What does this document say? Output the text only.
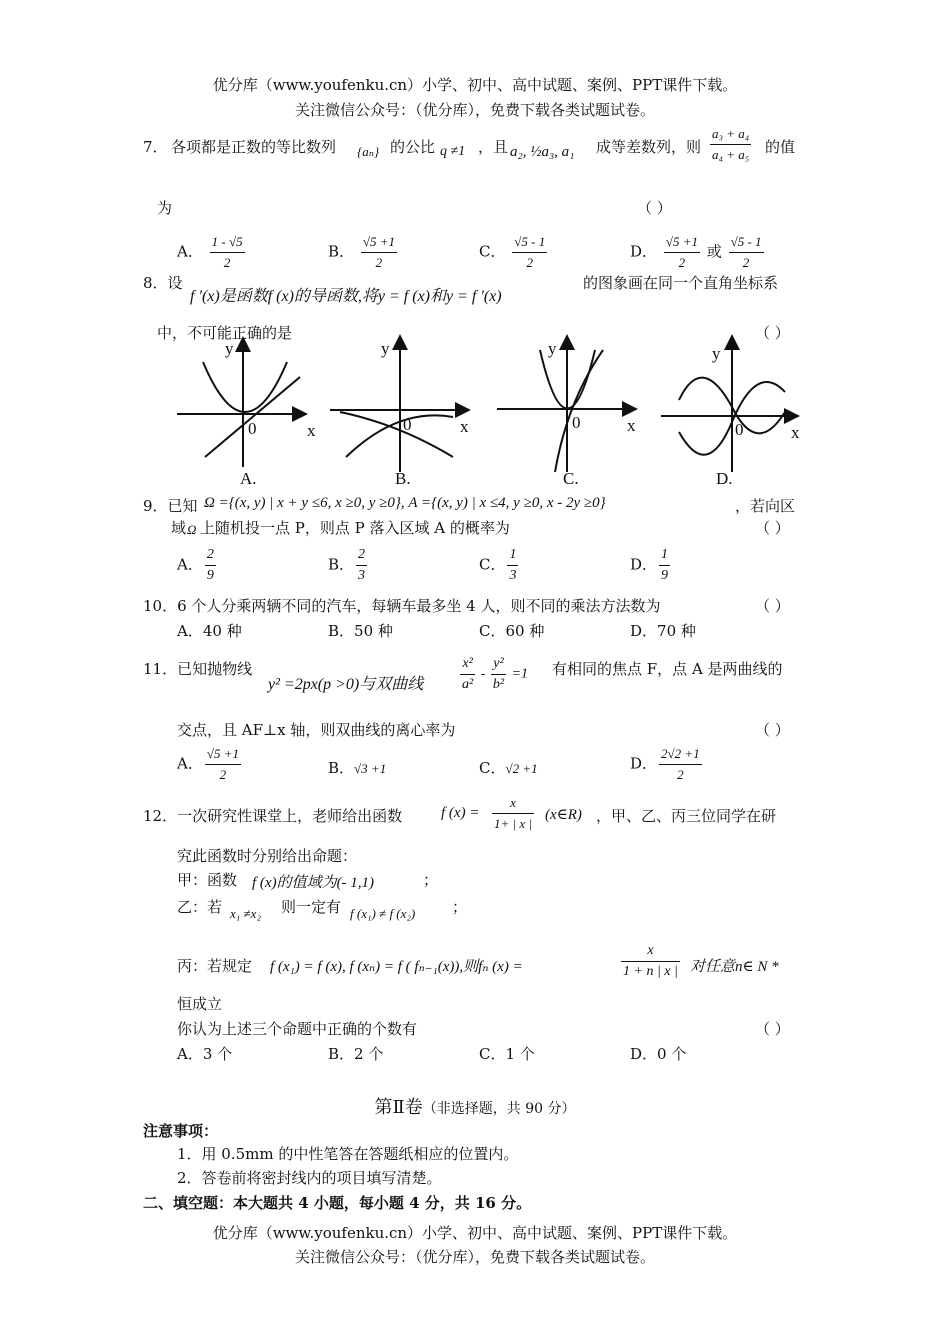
优分库（www.youfenku.cn）小学、初中、高中试题、案例、PPT课件下载。
关注微信公众号：（优分库），免费下载各类试题试卷。
7． 各项都是正数的等比数列 {aₙ} 的公比 q ≠1 ，且 a₂, ½a₃, a₁ 成等差数列，则 $\frac{\text{a₃ + a₄}}{\text{a₄ + a₅}}$ 的值
为	（ ）
A． $\frac{1 - √5}{2}$	B． $\frac{√5 +1}{2}$	C． $\frac{√5 - 1}{2}$	D． $\frac{√5 +1}{2}$ 或 $\frac{√5 - 1}{2}$
8．设
f ′(x)是函数f (x)的导函数,将y = f (x)和y = f ′(x)
的图象画在同一个直角坐标系
中，不可能正确的是	（ ）
y
x
0
A.
y
x
0
B.
y
x
0
C.
y
x
0
D.
9．已知 Ω ={(x, y) | x + y ≤6, x ≥0, y ≥0}, A ={(x, y) | x ≤4, y ≥0, x - 2y ≥0}	，若向区
域 Ω 上随机投一点 P，则点 P 落入区域 A 的概率为	（ ）
A． $\frac{2}{9}$	B． $\frac{2}{3}$	C． $\frac{1}{3}$	D． $\frac{1}{9}$
10．6 个人分乘两辆不同的汽车，每辆车最多坐 4 人，则不同的乘法方法数为	（ ）
A．40 种	B．50 种	C．60 种	D．70 种
11．已知抛物线
y² =2px(p >0)与双曲线	$\frac{\text{x²}}{\text{a²}} - \frac{\text{y²}}{\text{b²}} =1$ 有相同的焦点 F，点 A 是两曲线的
交点，且 AF⊥x 轴，则双曲线的离心率为	（ ）
A． $\frac{√5 +1}{2}$	B．√3 +1	C．√2 +1	D． $\frac{2√2 +1}{2}$
12．一次研究性课堂上，老师给出函数	f $(x) = \frac{x}{1+ | x |}$ (x∈R) ，甲、乙、丙三位同学在研
究此函数时分别给出命题：
甲：函数 f (x)的值域为(- 1,1)	；
乙：若 x₁ ≠x₂ 则一定有 f (x₁) ≠ f (x₂) ；
丙：若规定 f (x₁) = f (x), f (xₙ) = f ( fₙ₋₁(x)),则fₙ (x) =	$\frac{x}{1 + n | x |}$ 对任意n∈ N *
恒成立
你认为上述三个命题中正确的个数有	（ ）
A．3 个	B．2 个	C．1 个	D．0 个
第Ⅱ卷（非选择题，共 90 分）
注意事项：
1．用 0.5mm 的中性笔答在答题纸相应的位置内。
2．答卷前将密封线内的项目填写清楚。
二、填空题：本大题共 4 小题，每小题 4 分，共 16 分。
优分库（www.youfenku.cn）小学、初中、高中试题、案例、PPT课件下载。
关注微信公众号：（优分库），免费下载各类试题试卷。
